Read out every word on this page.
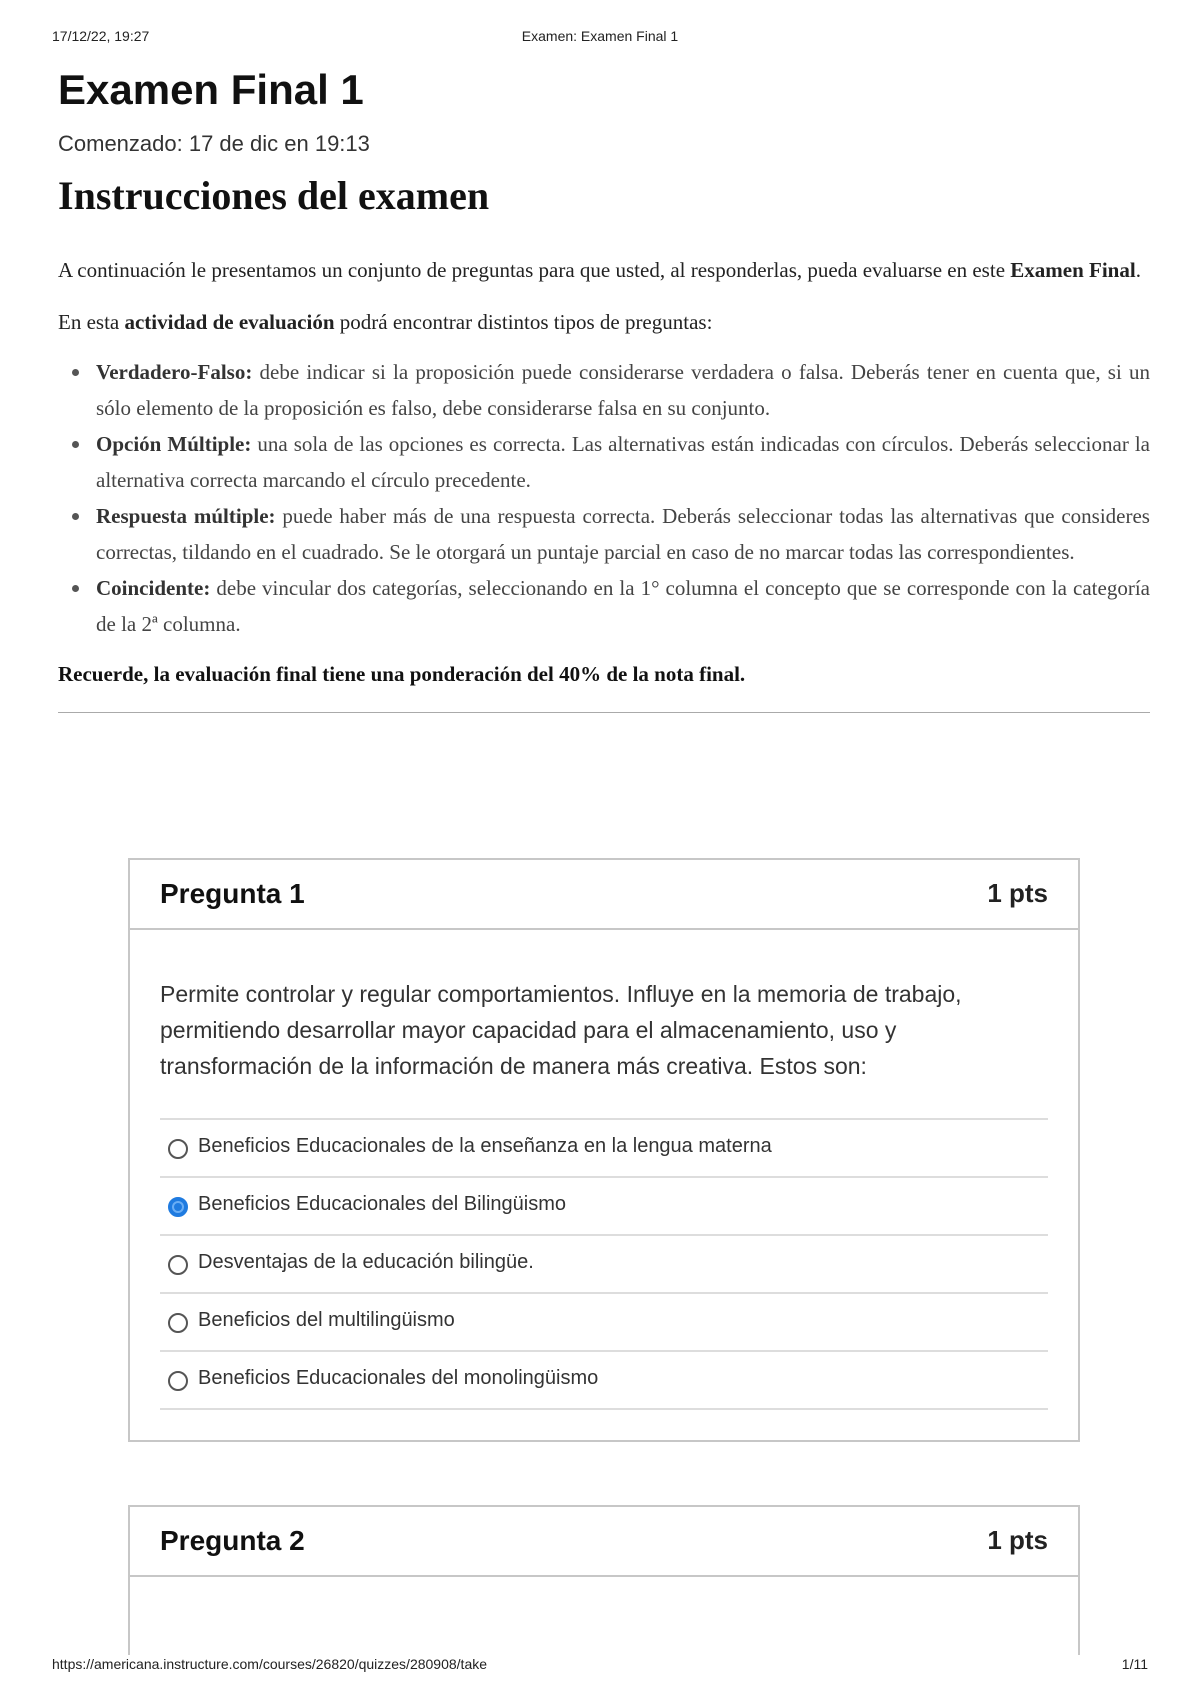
17/12/22, 19:27	Examen: Examen Final 1
Examen Final 1
Comenzado: 17 de dic en 19:13
Instrucciones del examen
A continuación le presentamos un conjunto de preguntas para que usted, al responderlas, pueda evaluarse en este Examen Final.
En esta actividad de evaluación podrá encontrar distintos tipos de preguntas:
Verdadero-Falso: debe indicar si la proposición puede considerarse verdadera o falsa. Deberás tener en cuenta que, si un sólo elemento de la proposición es falso, debe considerarse falsa en su conjunto.
Opción Múltiple: una sola de las opciones es correcta. Las alternativas están indicadas con círculos. Deberás seleccionar la alternativa correcta marcando el círculo precedente.
Respuesta múltiple: puede haber más de una respuesta correcta. Deberás seleccionar todas las alternativas que consideres correctas, tildando en el cuadrado. Se le otorgará un puntaje parcial en caso de no marcar todas las correspondientes.
Coincidente: debe vincular dos categorías, seleccionando en la 1° columna el concepto que se corresponde con la categoría de la 2ª columna.
Recuerde, la evaluación final tiene una ponderación del 40% de la nota final.
Pregunta 1	1 pts
Permite controlar y regular comportamientos. Influye en la memoria de trabajo, permitiendo desarrollar mayor capacidad para el almacenamiento, uso y transformación de la información de manera más creativa. Estos son:
Beneficios Educacionales de la enseñanza en la lengua materna
Beneficios Educacionales del Bilingüismo
Desventajas de la educación bilingüe.
Beneficios del multilingüismo
Beneficios Educacionales del monolingüismo
Pregunta 2	1 pts
https://americana.instructure.com/courses/26820/quizzes/280908/take	1/11
